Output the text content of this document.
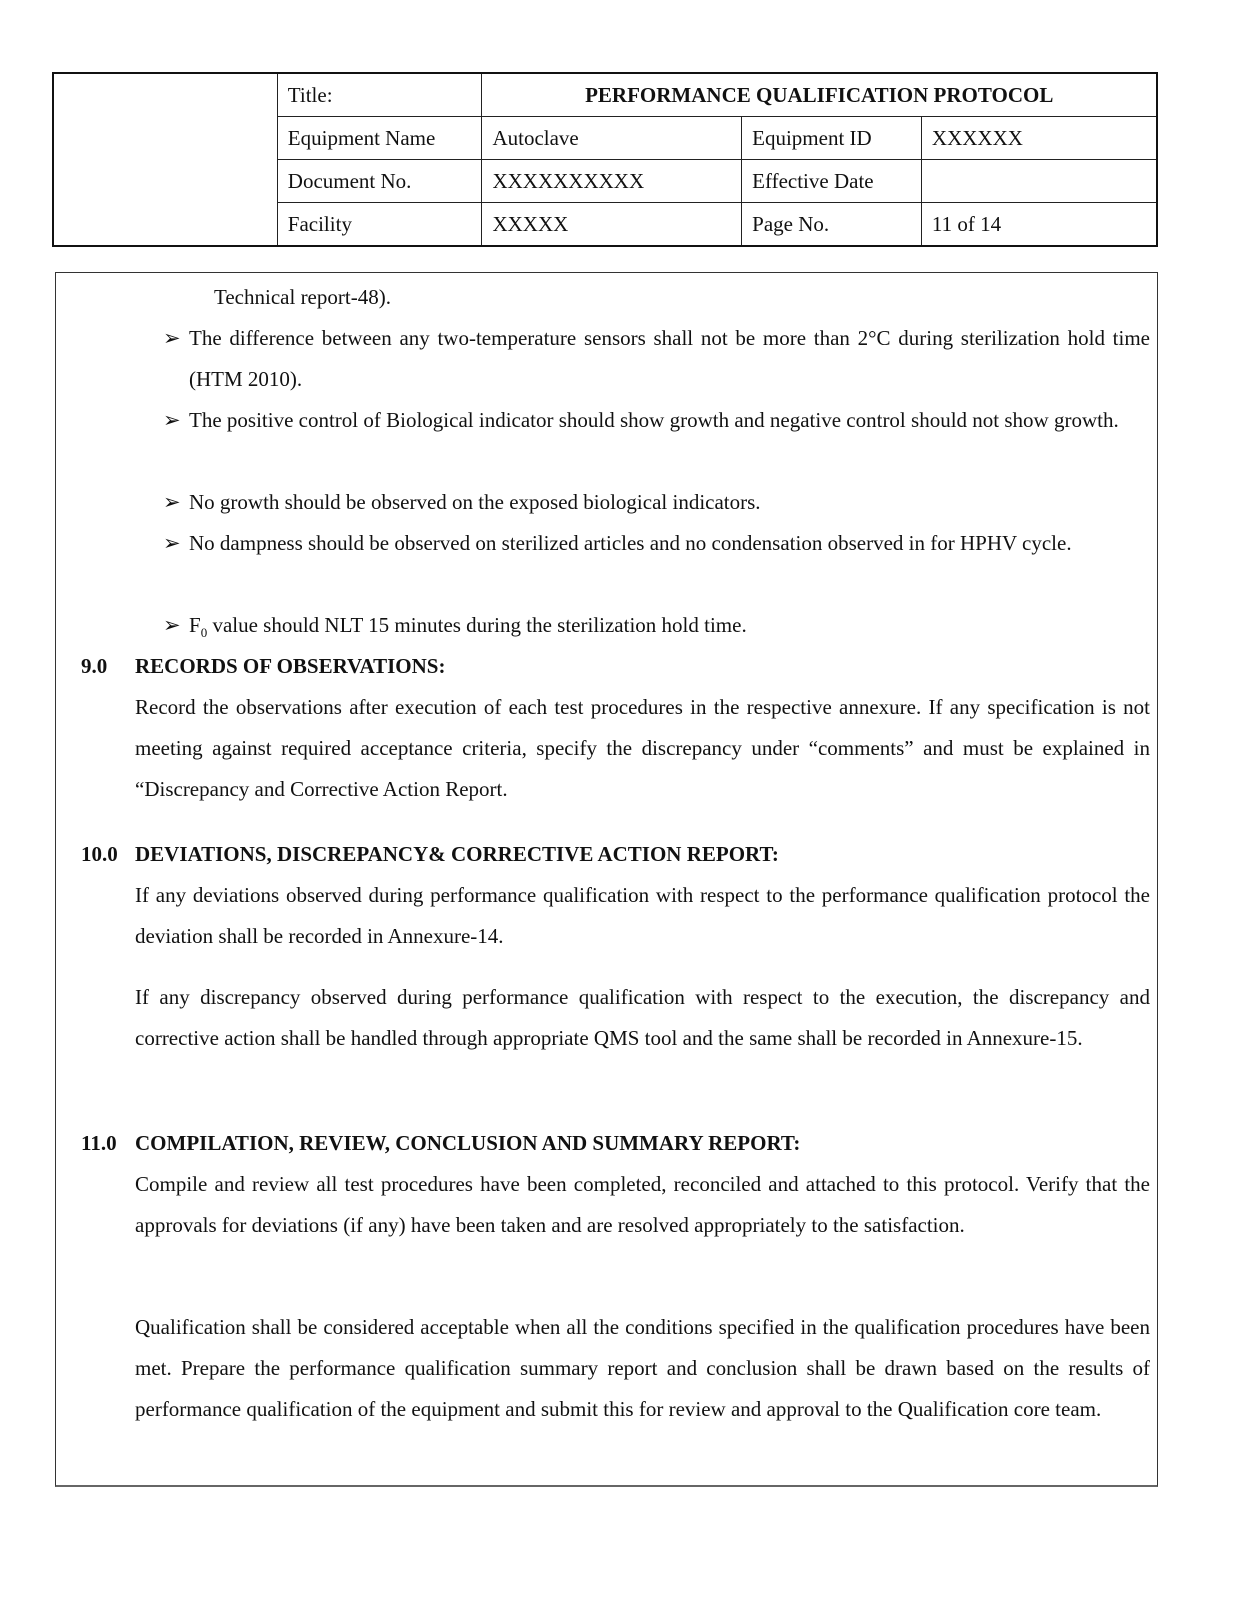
	Title:	PERFORMANCE QUALIFICATION PROTOCOL		
	Equipment Name	Autoclave	Equipment ID	XXXXXX
	Document No.	XXXXXXXXXX	Effective Date	
	Facility	XXXXX	Page No.	11 of 14
Technical report-48).
➢ The difference between any two-temperature sensors shall not be more than 2°C during sterilization hold time (HTM 2010).
➢ The positive control of Biological indicator should show growth and negative control should not show growth.
➢ No growth should be observed on the exposed biological indicators.
➢ No dampness should be observed on sterilized articles and no condensation observed in for HPHV cycle.
➢ $F_0$ value should NLT 15 minutes during the sterilization hold time.
9.0 RECORDS OF OBSERVATIONS:
Record the observations after execution of each test procedures in the respective annexure. If any specification is not meeting against required acceptance criteria, specify the discrepancy under “comments” and must be explained in “Discrepancy and Corrective Action Report.
10.0 DEVIATIONS, DISCREPANCY& CORRECTIVE ACTION REPORT:
If any deviations observed during performance qualification with respect to the performance qualification protocol the deviation shall be recorded in Annexure-14.
If any discrepancy observed during performance qualification with respect to the execution, the discrepancy and corrective action shall be handled through appropriate QMS tool and the same shall be recorded in Annexure-15.
11.0 COMPILATION, REVIEW, CONCLUSION AND SUMMARY REPORT:
Compile and review all test procedures have been completed, reconciled and attached to this protocol. Verify that the approvals for deviations (if any) have been taken and are resolved appropriately to the satisfaction.
Qualification shall be considered acceptable when all the conditions specified in the qualification procedures have been met. Prepare the performance qualification summary report and conclusion shall be drawn based on the results of performance qualification of the equipment and submit this for review and approval to the Qualification core team.
